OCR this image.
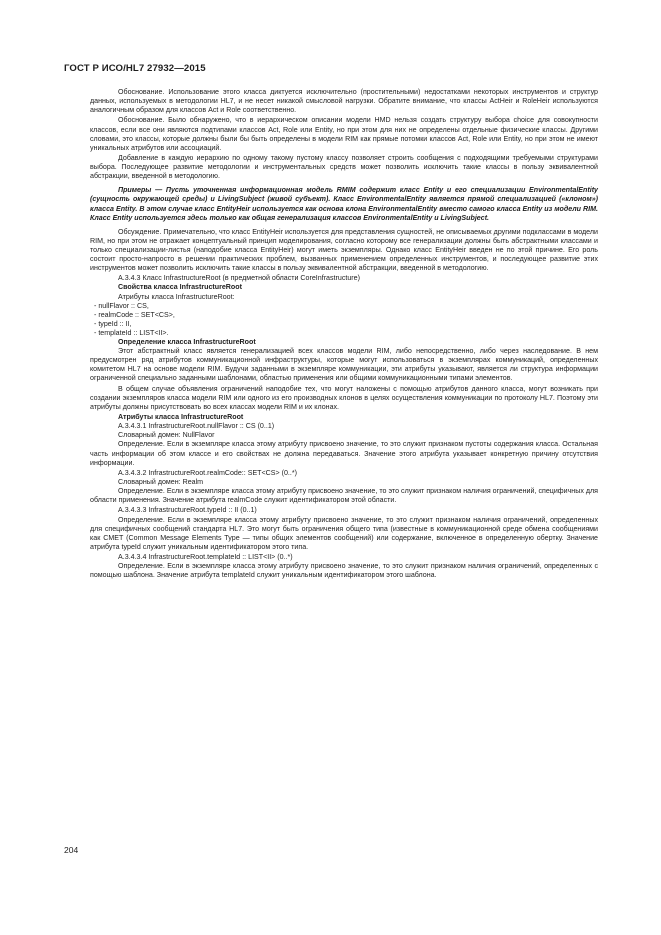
ГОСТ Р ИСО/HL7 27932—2015

Обоснование. Использование этого класса диктуется исключительно (простительными) недостатками некоторых инструментов и структур данных, используемых в методологии HL7, и не несет никакой смысловой нагрузки. Обратите внимание, что классы ActHeir и RoleHeir используются аналогичным образом для классов Act и Role соответственно.

Обоснование. Было обнаружено, что в иерархическом описании модели HMD нельзя создать структуру выбора choice для совокупности классов, если все они являются подтипами классов Act, Role или Entity, но при этом для них не определены отдельные физические классы. Другими словами, это классы, которые должны были бы быть определены в модели RIM как прямые потомки классов Act, Role или Entity, но при этом не имеют уникальных атрибутов или ассоциаций.

Добавление в каждую иерархию по одному такому пустому классу позволяет строить сообщения с подходящими требуемыми структурами выбора. Последующее развитие методологии и инструментальных средств может позволить исключить такие классы в пользу эквивалентной абстракции, введенной в методологию.

Примеры — Пусть уточненная информационная модель RMIM содержит класс Entity и его специализации EnvironmentalEntity (сущность окружающей среды) и LivingSubject (живой субъект). Класс EnvironmentalEntity является прямой специализацией («клоном») класса Entity. В этом случае класс EntityHeir используется как основа клона EnvironmentalEntity вместо самого класса Entity из модели RIM. Класс Entity используется здесь только как общая генерализация классов EnvironmentalEntity и LivingSubject.

Обсуждение. Примечательно, что класс EntityHeir используется для представления сущностей, не описываемых другими подклассами в модели RIM, но при этом не отражает концептуальный принцип моделирования, согласно которому все генерализации должны быть абстрактными классами и только специализации-листья (наподобие класса EntityHeir) могут иметь экземпляры. Однако класс EntityHeir введен не по этой причине. Его роль состоит просто-напросто в решении практических проблем, вызванных применением определенных инструментов, и последующее развитие этих инструментов может позволить исключить такие классы в пользу эквивалентной абстракции, введенной в методологию.

А.3.4.3 Класс InfrastructureRoot (в предметной области CoreInfrastructure)

Свойства класса InfrastructureRoot

Атрибуты класса InfrastructureRoot:

- nullFlavor :: CS,
- realmCode :: SET<CS>,
- typeId :: II,
- templateId :: LIST<II>.

Определение класса InfrastructureRoot

Этот абстрактный класс является генерализацией всех классов модели RIM, либо непосредственно, либо через наследование. В нем предусмотрен ряд атрибутов коммуникационной инфраструктуры, которые могут использоваться в экземплярах коммуникаций, определенных комитетом HL7 на основе модели RIM. Будучи заданными в экземпляре коммуникации, эти атрибуты указывают, является ли структура информации ограниченной специально заданными шаблонами, областью применения или общими коммуникационными типами элементов.

В общем случае объявления ограничений наподобие тех, что могут наложены с помощью атрибутов данного класса, могут возникать при создании экземпляров класса модели RIM или одного из его производных клонов в целях осуществления коммуникации по протоколу HL7. Поэтому эти атрибуты должны присутствовать во всех классах модели RIM и их клонах.

Атрибуты класса InfrastructureRoot

А.3.4.3.1 InfrastructureRoot.nullFlavor :: CS (0..1)

Словарный домен: NullFlavor

Определение. Если в экземпляре класса этому атрибуту присвоено значение, то это служит признаком пустоты содержания класса. Остальная часть информации об этом классе и его свойствах не должна передаваться. Значение этого атрибута указывает конкретную причину отсутствия информации.

А.3.4.3.2 InfrastructureRoot.realmCode:: SET<CS> (0..*)

Словарный домен: Realm

Определение. Если в экземпляре класса этому атрибуту присвоено значение, то это служит признаком наличия ограничений, специфичных для области применения. Значение атрибута realmCode служит идентификатором этой области.

А.3.4.3.3 InfrastructureRoot.typeId :: II (0..1)

Определение. Если в экземпляре класса этому атрибуту присвоено значение, то это служит признаком наличия ограничений, определенных для специфичных сообщений стандарта HL7. Это могут быть ограничения общего типа (известные в коммуникационной среде обмена сообщениями как CMET (Common Message Elements Type — типы общих элементов сообщений) или содержание, включенное в определенную обертку. Значение атрибута typeId служит уникальным идентификатором этого типа.

А.3.4.3.4 InfrastructureRoot.templateId :: LIST<II> (0..*)

Определение. Если в экземпляре класса этому атрибуту присвоено значение, то это служит признаком наличия ограничений, определенных с помощью шаблона. Значение атрибута templateId служит уникальным идентификатором этого шаблона.

204
